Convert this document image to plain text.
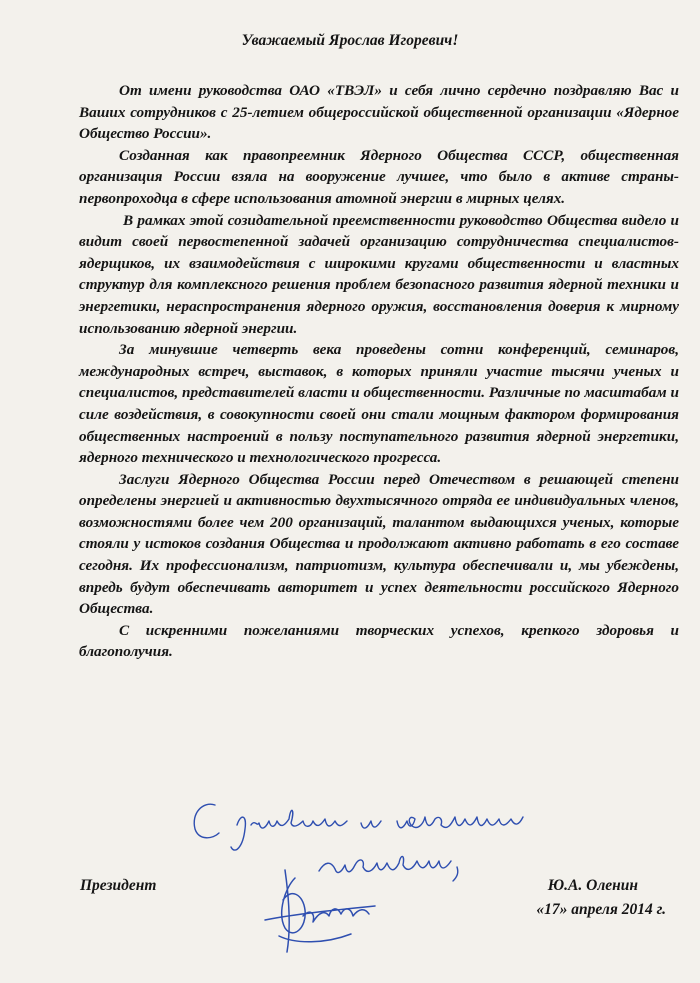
Уважаемый Ярослав Игоревич!

От имени руководства ОАО «ТВЭЛ» и себя лично сердечно поздравляю Вас и Ваших сотрудников с 25-летием общероссийской общественной организации «Ядерное Общество России».

Созданная как правопреемник Ядерного Общества СССР, общественная организация России взяла на вооружение лучшее, что было в активе страны-первопроходца в сфере использования атомной энергии в мирных целях.

В рамках этой созидательной преемственности руководство Общества видело и видит своей первостепенной задачей организацию сотрудничества специалистов-ядерщиков, их взаимодействия с широкими кругами общественности и властных структур для комплексного решения проблем безопасного развития ядерной техники и энергетики, нераспространения ядерного оружия, восстановления доверия к мирному использованию ядерной энергии.

За минувшие четверть века проведены сотни конференций, семинаров, международных встреч, выставок, в которых приняли участие тысячи ученых и специалистов, представителей власти и общественности. Различные по масштабам и силе воздействия, в совокупности своей они стали мощным фактором формирования общественных настроений в пользу поступательного развития ядерной энергетики, ядерного технического и технологического прогресса.

Заслуги Ядерного Общества России перед Отечеством в решающей степени определены энергией и активностью двухтысячного отряда ее индивидуальных членов, возможностями более чем 200 организаций, талантом выдающихся ученых, которые стояли у истоков создания Общества и продолжают активно работать в его составе сегодня. Их профессионализм, патриотизм, культура обеспечивали и, мы убеждены, впредь будут обеспечивать авторитет и успех деятельности российского Ядерного Общества.

С искренними пожеланиями творческих успехов, крепкого здоровья и благополучия.

Президент	Ю.А. Оленин
«17» апреля 2014 г.
